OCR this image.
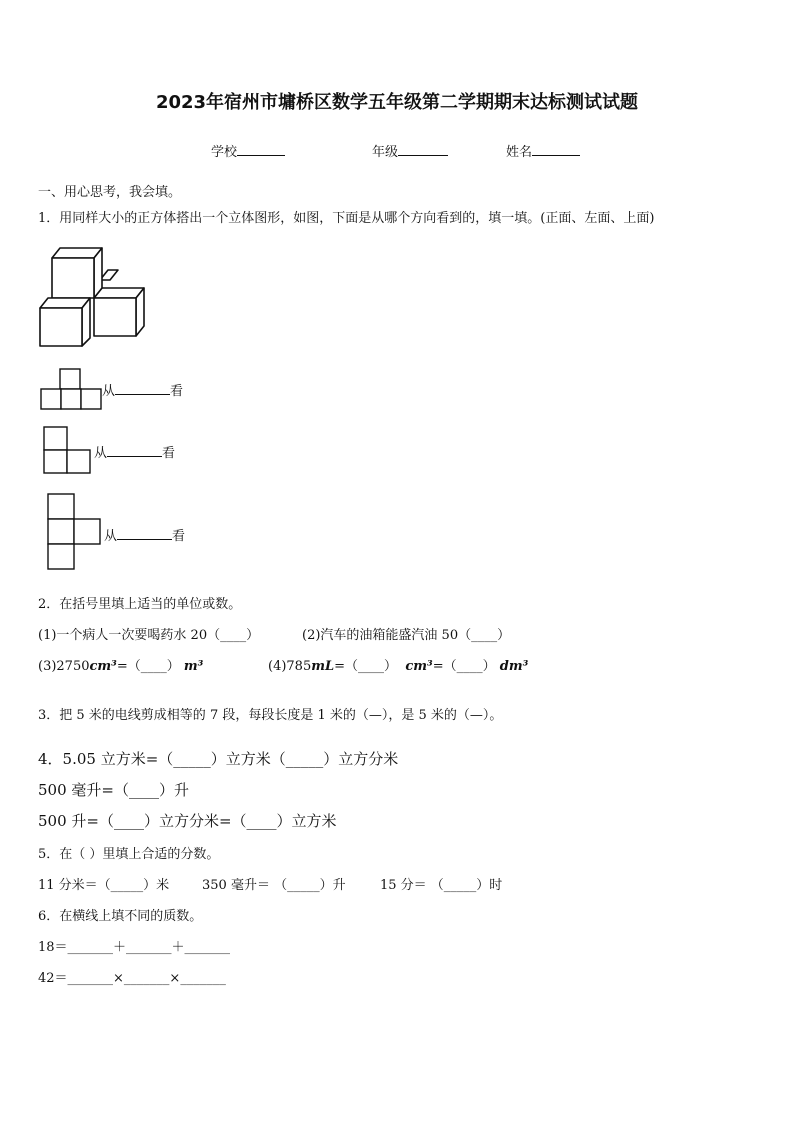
2023年宿州市墉桥区数学五年级第二学期期末达标测试试题
学校	年级	姓名
一、用心思考，我会填。
1．用同样大小的正方体搭出一个立体图形，如图，下面是从哪个方向看到的，填一填。(正面、左面、上面)
从	看
从	看
从	看
2．在括号里填上适当的单位或数。
(1)一个病人一次要喝药水 20（____）	(2)汽车的油箱能盛汽油 50（____）
(3)2750cm³=（____） m³	(4)785mL=（____） cm³=（____） dm³
3．把 5 米的电线剪成相等的 7 段，每段长度是 1 米的（—），是 5 米的（—）。
4．5.05 立方米=（_____）立方米（_____）立方分米
500 毫升=（____）升
500 升=（____）立方分米=（____）立方米
5．在（ ）里填上合适的分数。
11 分米＝（_____）米	350 毫升＝ （_____）升	15 分＝ （_____）时
6．在横线上填不同的质数。
18＝_______＋_______＋_______
42＝_______×_______×_______
